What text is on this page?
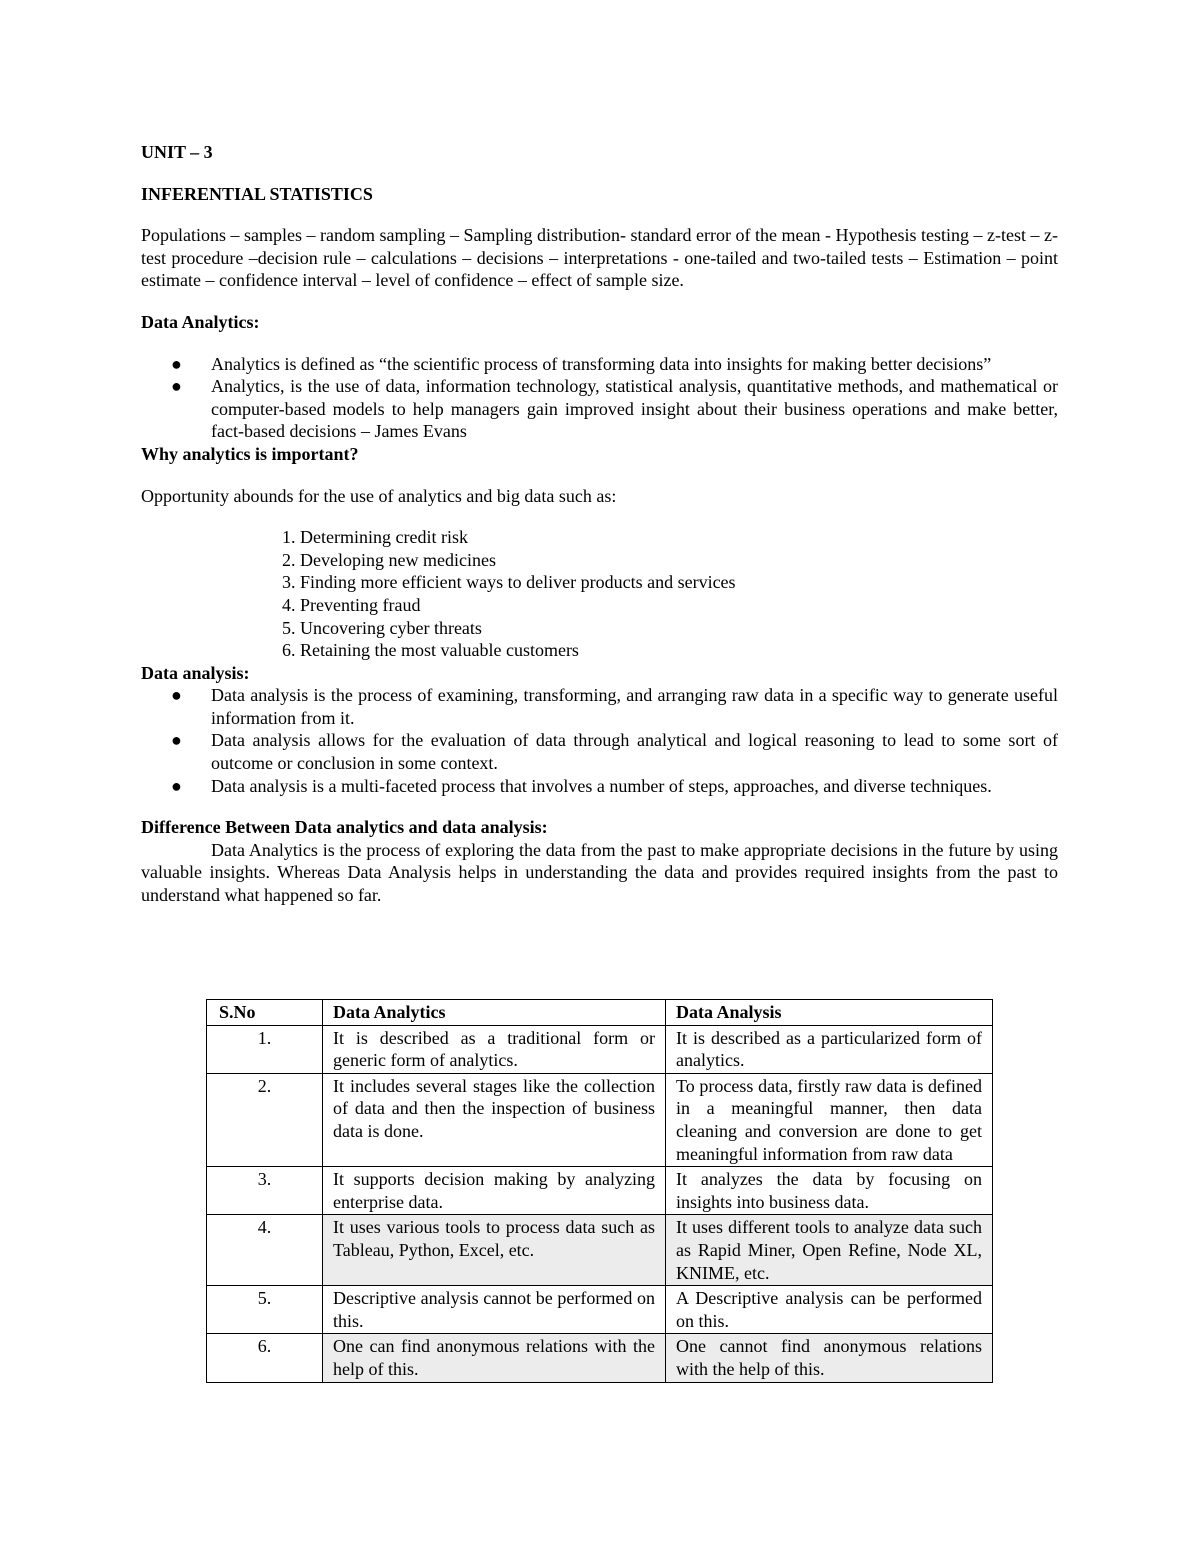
UNIT – 3

INFERENTIAL STATISTICS

Populations – samples – random sampling – Sampling distribution- standard error of the mean - Hypothesis testing – z-test – z-test procedure –decision rule – calculations – decisions – interpretations - one-tailed and two-tailed tests – Estimation – point estimate – confidence interval – level of confidence – effect of sample size.

Data Analytics:

● Analytics is defined as “the scientific process of transforming data into insights for making better decisions”
● Analytics, is the use of data, information technology, statistical analysis, quantitative methods, and mathematical or computer-based models to help managers gain improved insight about their business operations and make better, fact-based decisions – James Evans

Why analytics is important?

Opportunity abounds for the use of analytics and big data such as:

1. Determining credit risk
2. Developing new medicines
3. Finding more efficient ways to deliver products and services
4. Preventing fraud
5. Uncovering cyber threats
6. Retaining the most valuable customers

Data analysis:

● Data analysis is the process of examining, transforming, and arranging raw data in a specific way to generate useful information from it.
● Data analysis allows for the evaluation of data through analytical and logical reasoning to lead to some sort of outcome or conclusion in some context.
● Data analysis is a multi-faceted process that involves a number of steps, approaches, and diverse techniques.

Difference Between Data analytics and data analysis:

Data Analytics is the process of exploring the data from the past to make appropriate decisions in the future by using valuable insights. Whereas Data Analysis helps in understanding the data and provides required insights from the past to understand what happened so far.

S.No	Data Analytics	Data Analysis
1.	It is described as a traditional form or generic form of analytics.	It is described as a particularized form of analytics.
2.	It includes several stages like the collection of data and then the inspection of business data is done.	To process data, firstly raw data is defined in a meaningful manner, then data cleaning and conversion are done to get meaningful information from raw data
3.	It supports decision making by analyzing enterprise data.	It analyzes the data by focusing on insights into business data.
4.	It uses various tools to process data such as Tableau, Python, Excel, etc.	It uses different tools to analyze data such as Rapid Miner, Open Refine, Node XL, KNIME, etc.
5.	Descriptive analysis cannot be performed on this.	A Descriptive analysis can be performed on this.
6.	One can find anonymous relations with the help of this.	One cannot find anonymous relations with the help of this.
